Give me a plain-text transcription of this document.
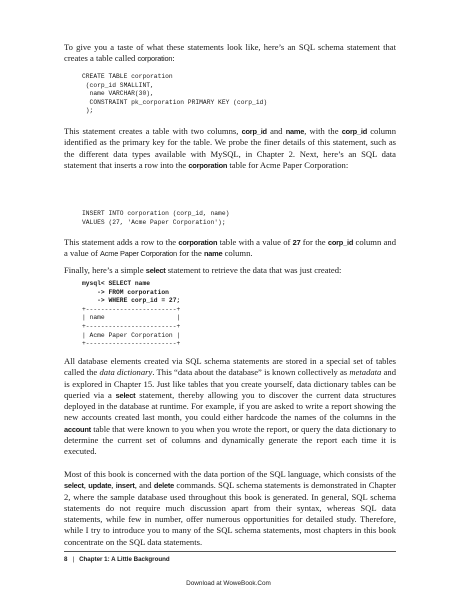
To give you a taste of what these statements look like, here’s an SQL schema statement that creates a table called corporation:

CREATE TABLE corporation
(corp_id SMALLINT,
name VARCHAR(30),
CONSTRAINT pk_corporation PRIMARY KEY (corp_id)
);

This statement creates a table with two columns, corp_id and name, with the corp_id column identified as the primary key for the table. We probe the finer details of this statement, such as the different data types available with MySQL, in Chapter 2. Next, here’s an SQL data statement that inserts a row into the corporation table for Acme Paper Corporation:

INSERT INTO corporation (corp_id, name)
VALUES (27, 'Acme Paper Corporation');

This statement adds a row to the corporation table with a value of 27 for the corp_id column and a value of Acme Paper Corporation for the name column.

Finally, here’s a simple select statement to retrieve the data that was just created:

mysql< SELECT name
-> FROM corporation
-> WHERE corp_id = 27;
+------------------------+
| name                   |
+------------------------+
| Acme Paper Corporation |
+------------------------+

All database elements created via SQL schema statements are stored in a special set of tables called the data dictionary. This “data about the database” is known collectively as metadata and is explored in Chapter 15. Just like tables that you create yourself, data dictionary tables can be queried via a select statement, thereby allowing you to discover the current data structures deployed in the database at runtime. For example, if you are asked to write a report showing the new accounts created last month, you could either hardcode the names of the columns in the account table that were known to you when you wrote the report, or query the data dictionary to determine the current set of columns and dynamically generate the report each time it is executed.

Most of this book is concerned with the data portion of the SQL language, which consists of the select, update, insert, and delete commands. SQL schema statements is demonstrated in Chapter 2, where the sample database used throughout this book is generated. In general, SQL schema statements do not require much discussion apart from their syntax, whereas SQL data statements, while few in number, offer numerous opportunities for detailed study. Therefore, while I try to introduce you to many of the SQL schema statements, most chapters in this book concentrate on the SQL data statements.

8 | Chapter 1: A Little Background
Download at WoweBook.Com
